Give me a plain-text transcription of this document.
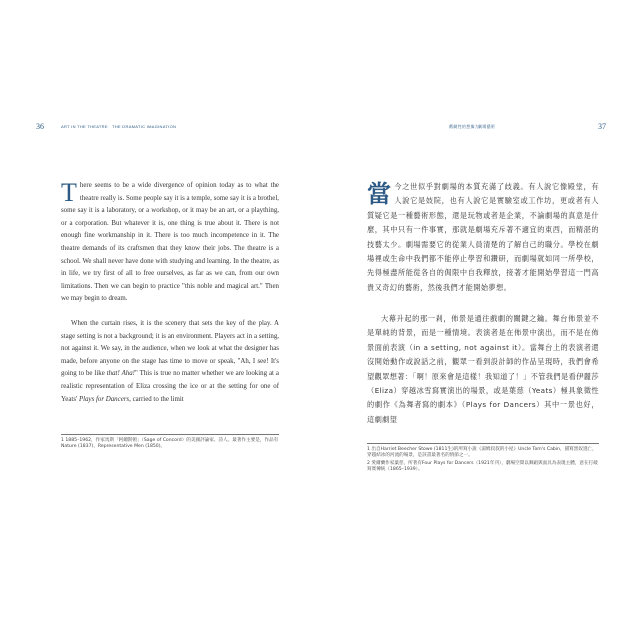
36	ART IN THE THEATRE THE DRAMATIC IMAGINATION

There seems to be a wide divergence of opinion today as to what the theatre really is. Some people say it is a temple, some say it is a brothel, some say it is a laboratory, or a workshop, or it may be an art, or a plaything, or a corporation. But whatever it is, one thing is true about it. There is not enough fine workmanship in it. There is too much incompetence in it. The theatre demands of its craftsmen that they know their jobs. The theatre is a school. We shall never have done with studying and learning. In the theatre, as in life, we try first of all to free ourselves, as far as we can, from our own limitations. Then we can begin to practice "this noble and magical art." Then we may begin to dream.

When the curtain rises, it is the scenery that sets the key of the play. A stage setting is not a background; it is an environment. Players act in a setting, not against it. We say, in the audience, when we look at what the designer has made, before anyone on the stage has time to move or speak, "Ah, I see! It's going to be like that! Aha!" This is true no matter whether we are looking at a realistic representation of Eliza crossing the ice or at the setting for one of Yeats' Plays for Dancers, carried to the limit

1 1885–1962，作家馬斯「阿爾斯頓」（Sage of Concord）的美國評論家、詩人。最著作主要是，作品有Nature (1837)、Representative Men (1850)。
戲劇性的想像力
劇場藝術	37
當今之世似乎對劇場的本質充滿了歧義。有人說它像殿堂，有人說它是妓院，也有人說它是實驗室或工作坊，更或者有人質疑它是一種藝術形態，還是玩物或者是企業，不論劇場的真意是什麼，其中只有一件事實，那就是劇場充斥著不適宜的東西，而精湛的技藝太少。劇場需要它的從業人員清楚的了解自己的職分。學校在劇場裡或生命中我們都不能停止學習和鑽研，而劇場就如同一所學校，先得極盡所能從各自的侷限中自我釋放，接著才能開始學習這一門高貴又奇幻的藝術，然後我們才能開始夢想。
大幕升起的那一剎，佈景是通往戲劇的關鍵之鑰。舞台佈景並不是單純的背景，而是一種情境。表演者是在佈景中演出，而不是在佈景面前表演（in a setting, not against it）。當舞台上的表演者還沒開始動作或說話之前，觀眾一看到設計師的作品呈現時，我們會希望觀眾想著：「啊！原來會是這樣！我知道了！」不管我們是看伊麗莎（Eliza）穿越冰雪寫實演出的場景，或是葉慈（Yeats）極具象徵性的劇作《為舞者寫的劇本》（Plays for Dancers）其中一景也好，這劇劇望
1 出自Harriet Beecher Stowe (1811生)的所寫小說《湯姆叔叔的小屋》Uncle Tom's Cabin，描寫黑奴逃亡，穿越結冰的河流的場景，是該書最著名的情節之一。
2 愛爾蘭作家葉慈，所著有Four Plays for Dancers（1921年刊），劇場空間以舞蹈與面具為表現主體，意在打破寫實傳統（1865–1939）。
